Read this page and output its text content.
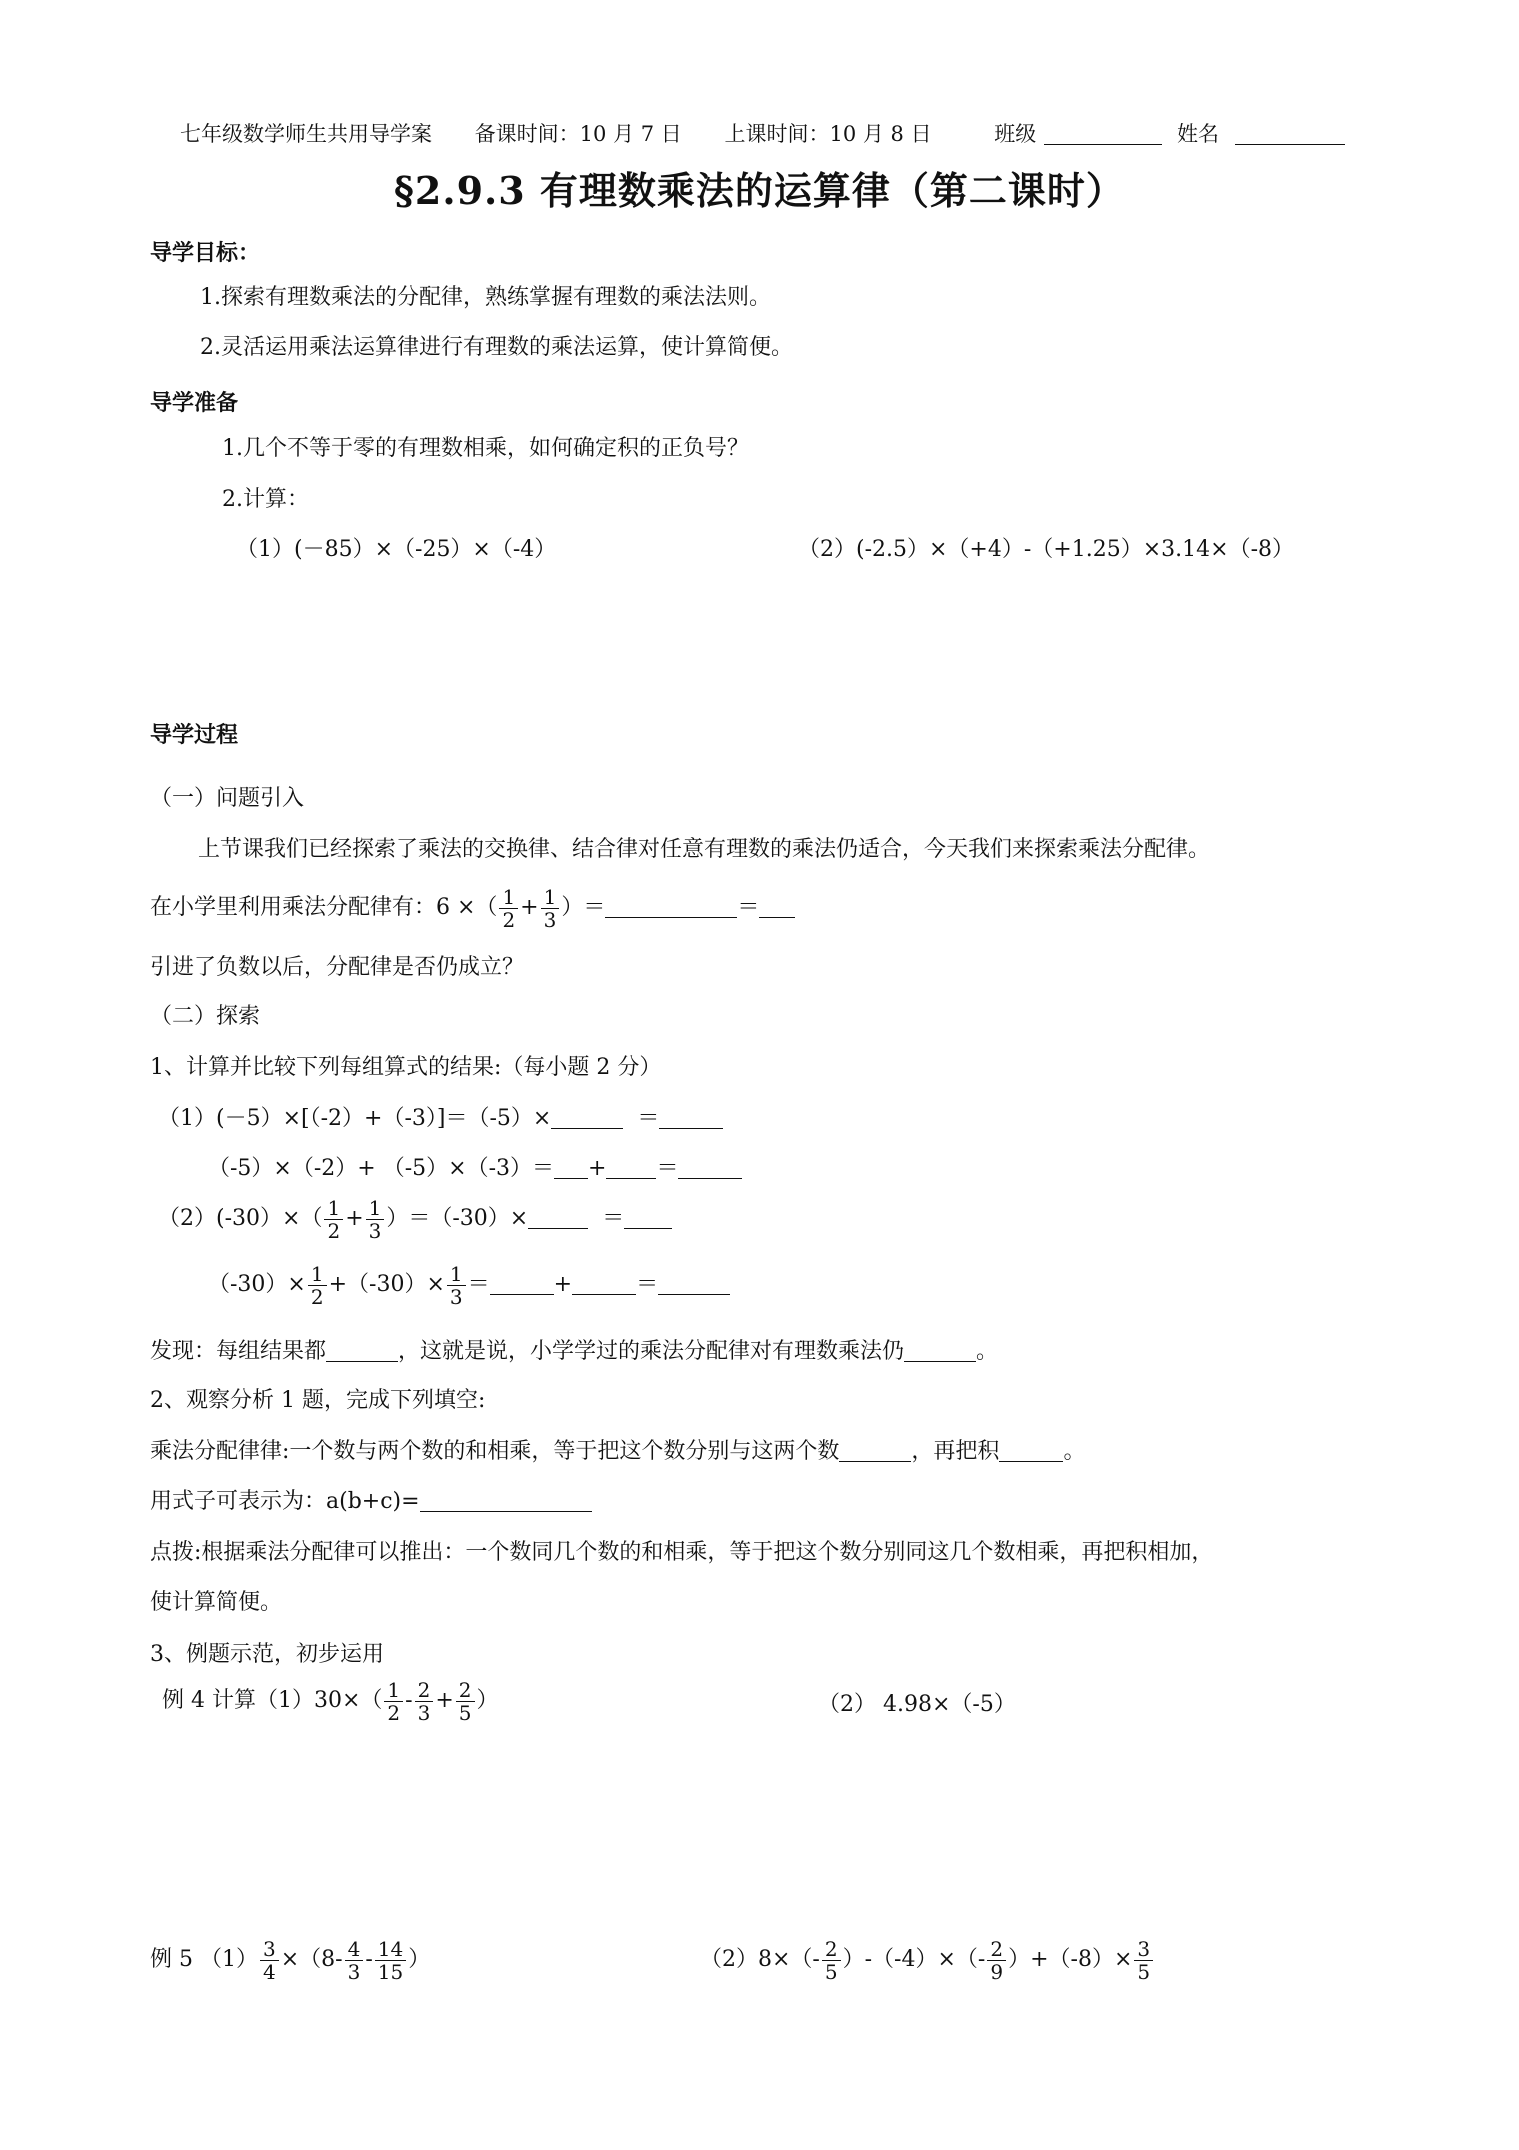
七年级数学师生共用导学案 备课时间：10 月 7 日 上课时间：10 月 8 日	班级	姓名
§2.9.3 有理数乘法的运算律（第二课时）
导学目标：
1.探索有理数乘法的分配律，熟练掌握有理数的乘法法则。
2.灵活运用乘法运算律进行有理数的乘法运算，使计算简便。
导学准备
1.几个不等于零的有理数相乘，如何确定积的正负号？
2.计算：
（1）(－85）×（-25）×（-4）	（2）(-2.5）×（+4）-（+1.25）×3.14×（-8）
导学过程
（一）问题引入
上节课我们已经探索了乘法的交换律、结合律对任意有理数的乘法仍适合，今天我们来探索乘法分配律。
在小学里利用乘法分配律有：6 ×（ $\frac{1}{2} + \frac{1}{3}$ ）＝	＝
引进了负数以后，分配律是否仍成立？
（二）探索
1、计算并比较下列每组算式的结果:（每小题 2 分）
（1）(－5）×[（-2）+（-3）]＝（-5）×	＝
（-5）×（-2）+ （-5）×（-3）＝ + ＝
$(2)(-30)\times( \frac{1}{2} + \frac{1}{3} )=(-30)\times$	＝
$(-30)\times \frac{1}{2} +(-30)\times \frac{1}{3}$ ＝	+	＝
发现：每组结果都	，这就是说，小学学过的乘法分配律对有理数乘法仍	。
2、观察分析 1 题，完成下列填空:
乘法分配律律:一个数与两个数的和相乘，等于把这个数分别与这两个数	，再把积	。
用式子可表示为：a(b+c)=
点拨:根据乘法分配律可以推出：一个数同几个数的和相乘，等于把这个数分别同这几个数相乘，再把积相加，
使计算简便。
3、例题示范，初步运用
例 4 计算$(1)30\times( \frac{1}{2} - \frac{2}{3} + \frac{2}{5}$ ）	（2） 4.98×（-5）
例 5 $(1) \frac{3}{4} \times(8- \frac{4}{3} - \frac{14}{15}$ ）	$(2)8\times(- \frac{2}{5} )-(-4)\times(- \frac{2}{9} )+(-8)\times \frac{3}{5}$
